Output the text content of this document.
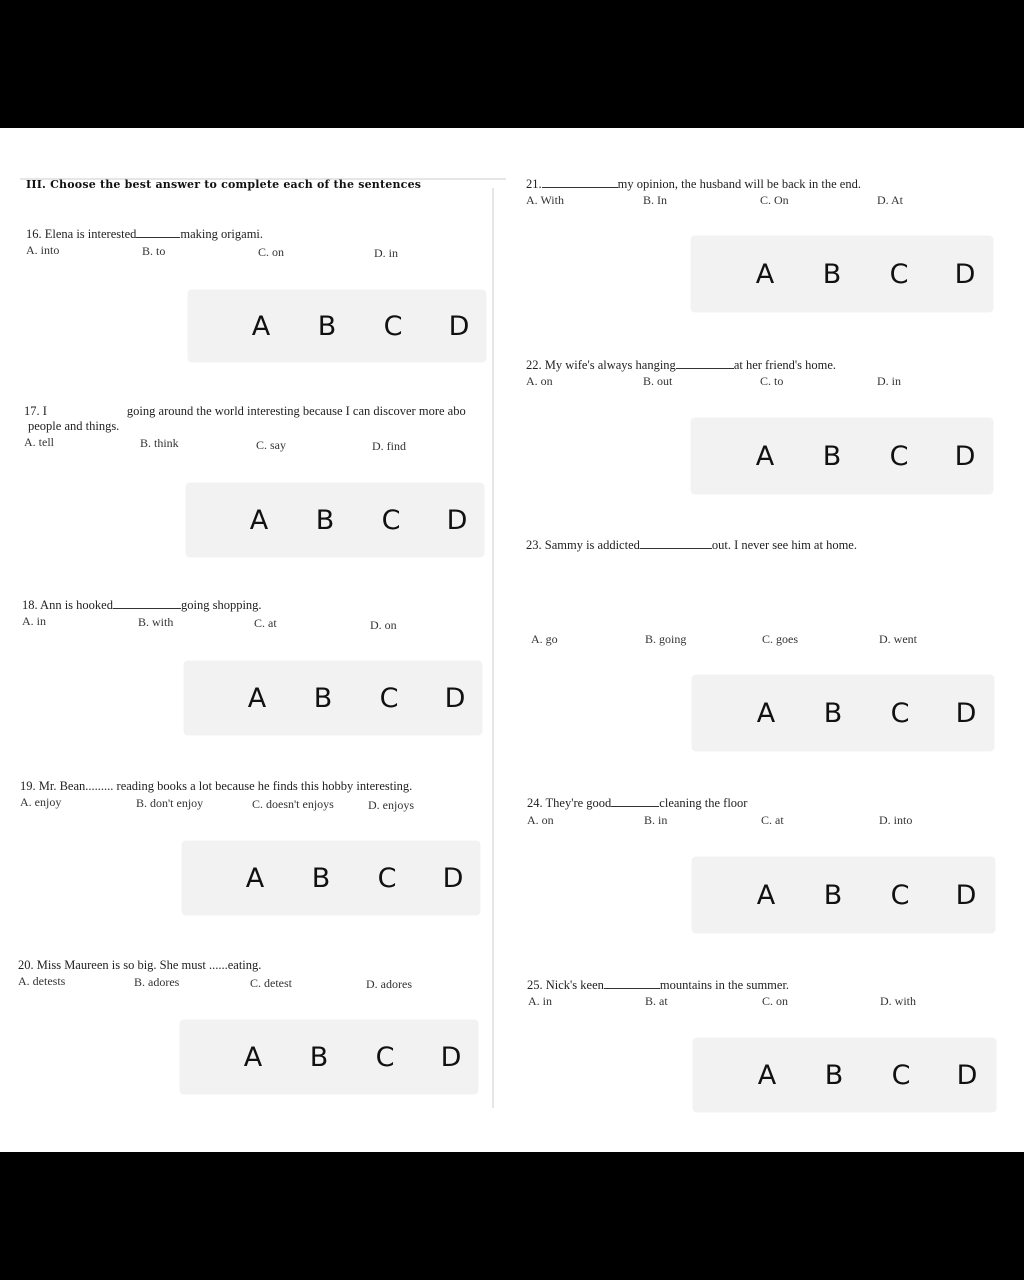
III. Choose the best answer to complete each of the sentences
16. Elena is interested	making origami.
A. into	B. to	C. on	D. in
A	B	C	D
17. I	going around the world interesting because I can discover more abo
people and things.
A. tell	B. think	C. say	D. find
A	B	C	D
18. Ann is hooked	going shopping.
A. in	B. with	C. at	D. on
A	B	C	D
19. Mr. Bean......... reading books a lot because he finds this hobby interesting.
A. enjoy	B. don't enjoy	C. doesn't enjoys	D. enjoys
A	B	C	D
20. Miss Maureen is so big. She must ......eating.
A. detests	B. adores	C. detest	D. adores
A	B	C	D
21.	my opinion, the husband will be back in the end.
A. With	B. In	C. On	D. At
A	B	C	D
22. My wife's always hanging	at her friend's home.
A. on	B. out	C. to	D. in
A	B	C	D
23. Sammy is addicted	out. I never see him at home.
A. go	B. going	C. goes	D. went
A	B	C	D
24. They're good	cleaning the floor
A. on	B. in	C. at	D. into
A	B	C	D
25. Nick's keen	mountains in the summer.
A. in	B. at	C. on	D. with
A	B	C	D
